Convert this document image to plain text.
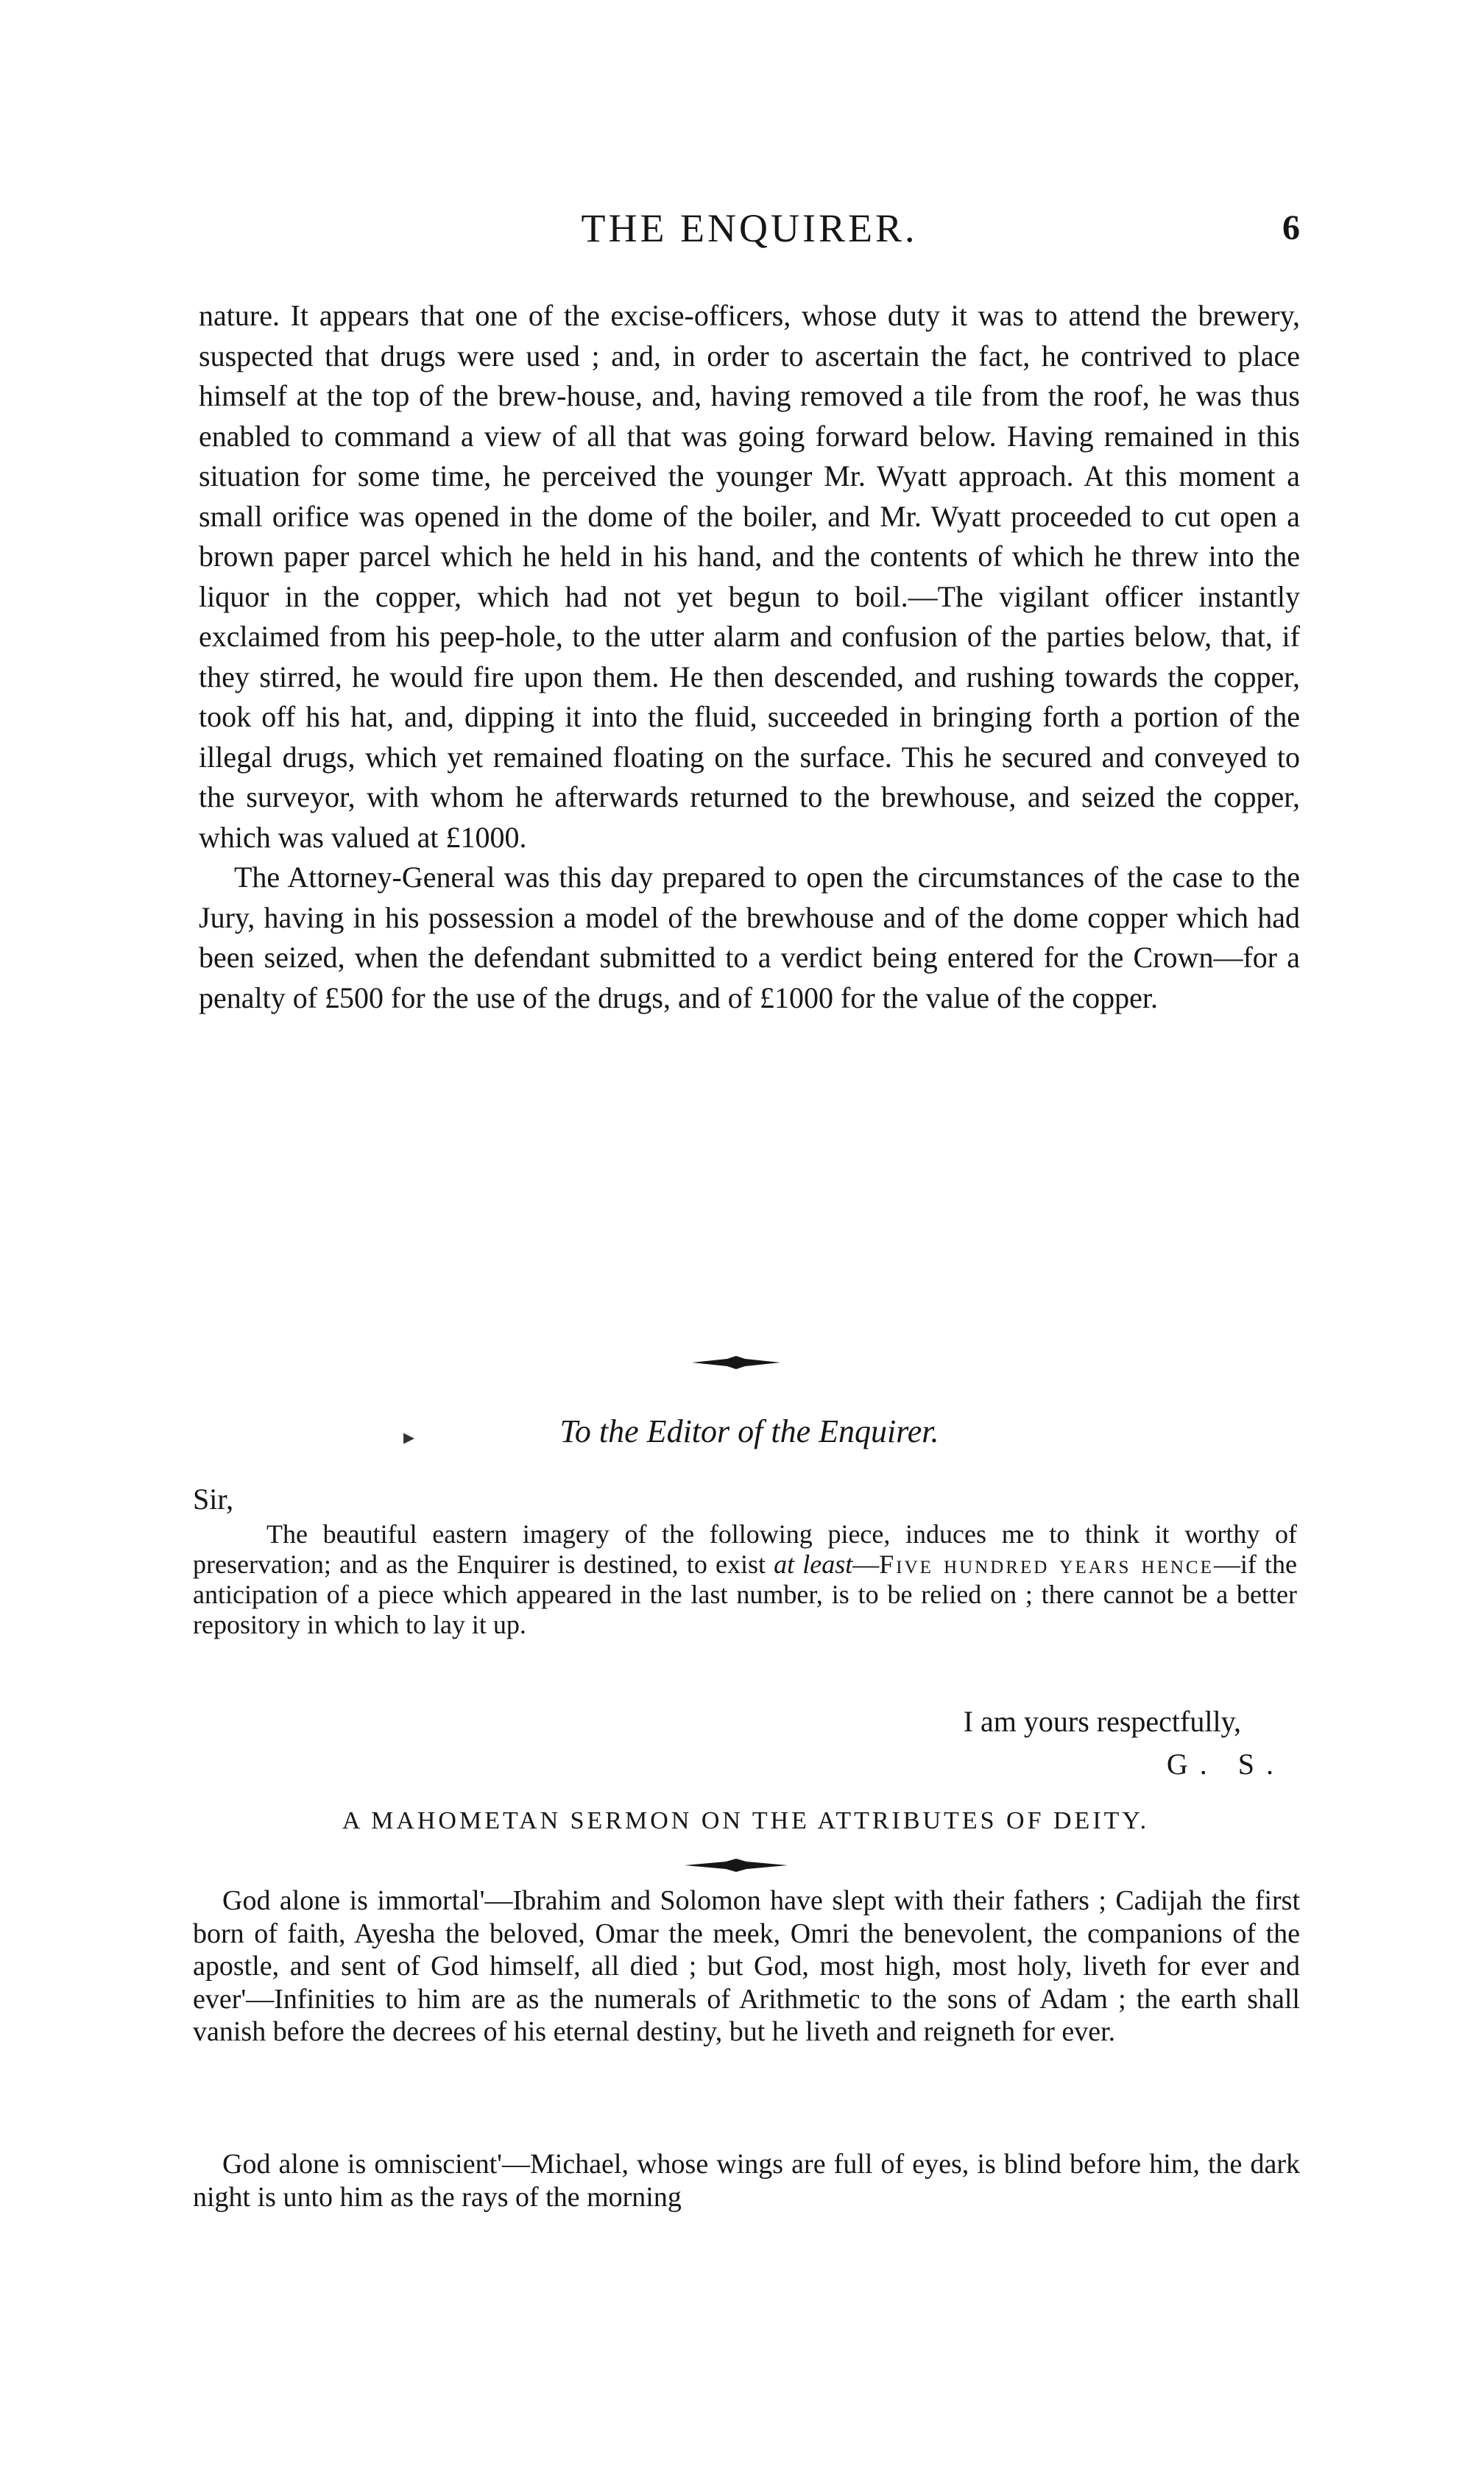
THE ENQUIRER.	6

nature. It appears that one of the excise-officers, whose duty it was to attend the brewery, suspected that drugs were used ; and, in order to ascertain the fact, he contrived to place himself at the top of the brew-house, and, having removed a tile from the roof, he was thus enabled to command a view of all that was going forward below. Having remained in this situation for some time, he perceived the younger Mr. Wyatt approach. At this moment a small orifice was opened in the dome of the boiler, and Mr. Wyatt proceeded to cut open a brown paper parcel which he held in his hand, and the contents of which he threw into the liquor in the copper, which had not yet begun to boil.—The vigilant officer instantly exclaimed from his peep-hole, to the utter alarm and confusion of the parties below, that, if they stirred, he would fire upon them. He then descended, and rushing towards the copper, took off his hat, and, dipping it into the fluid, succeeded in bringing forth a portion of the illegal drugs, which yet remained floating on the surface. This he secured and conveyed to the surveyor, with whom he afterwards returned to the brewhouse, and seized the copper, which was valued at £1000.

The Attorney-General was this day prepared to open the circumstances of the case to the Jury, having in his possession a model of the brewhouse and of the dome copper which had been seized, when the defendant submitted to a verdict being entered for the Crown—for a penalty of £500 for the use of the drugs, and of £1000 for the value of the copper.

▸	To the Editor of the Enquirer.
Sir,

The beautiful eastern imagery of the following piece, induces me to think it worthy of preservation; and as the Enquirer is destined, to exist at least—Five hundred years hence—if the anticipation of a piece which appeared in the last number, is to be relied on ; there cannot be a better repository in which to lay it up.

I am yours respectfully,
G. S.
A MAHOMETAN SERMON ON THE ATTRIBUTES OF DEITY.

God alone is immortal'—Ibrahim and Solomon have slept with their fathers ; Cadijah the first born of faith, Ayesha the beloved, Omar the meek, Omri the benevolent, the companions of the apostle, and sent of God himself, all died ; but God, most high, most holy, liveth for ever and ever'—Infinities to him are as the numerals of Arithmetic to the sons of Adam ; the earth shall vanish before the decrees of his eternal destiny, but he liveth and reigneth for ever.

God alone is omniscient'—Michael, whose wings are full of eyes, is blind before him, the dark night is unto him as the rays of the morning
